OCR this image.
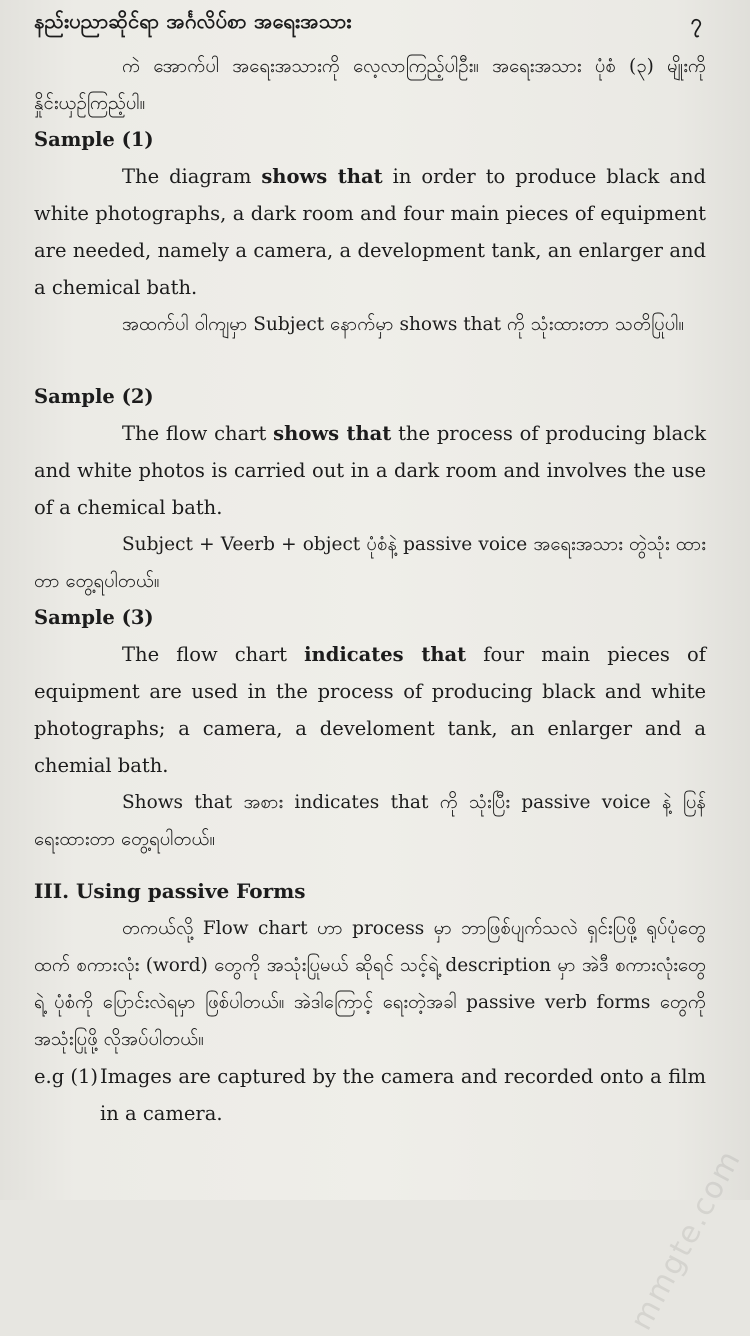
နည်းပညာဆိုင်ရာ အင်္ဂလိပ်စာ အရေးအသား	၇

ကဲ အောက်ပါ အရေးအသားကို လေ့လာကြည့်ပါဦး။ အရေးအသား ပုံစံ (၃) မျိုးကို နှိုင်းယှဉ်ကြည့်ပါ။

Sample (1)

The diagram shows that in order to produce black and white photographs, a dark room and four main pieces of equipment are needed, namely a camera, a development tank, an enlarger and a chemical bath.

အထက်ပါ ဝါကျမှာ Subject နောက်မှာ shows that ကို သုံးထားတာ သတိပြုပါ။

Sample (2)

The flow chart shows that the process of producing black and white photos is carried out in a dark room and involves the use of a chemical bath.

Subject + Veerb + object ပုံစံနဲ့ passive voice အရေးအသား တွဲသုံး ထားတာ တွေ့ရပါတယ်။

Sample (3)

The flow chart indicates that four main pieces of equipment are used in the process of producing black and white photographs; a camera, a develoment tank, an enlarger and a chemial bath.

Shows that အစား indicates that ကို သုံးပြီး passive voice နဲ့ ပြန်ရေးထားတာ တွေ့ရပါတယ်။

III. Using passive Forms

တကယ်လို့ Flow chart ဟာ process မှာ ဘာဖြစ်ပျက်သလဲ ရှင်းပြဖို့ ရုပ်ပုံတွေထက် စကားလုံး (word) တွေကို အသုံးပြုမယ် ဆိုရင် သင့်ရဲ့ description မှာ အဲဒီ စကားလုံးတွေရဲ့ ပုံစံကို ပြောင်းလဲရမှာ ဖြစ်ပါတယ်။ အဲဒါကြောင့် ရေးတဲ့အခါ passive verb forms တွေကို အသုံးပြုဖို့ လိုအပ်ပါတယ်။

e.g (1) Images are captured by the camera and recorded onto a film in a camera.
mmgte.com
